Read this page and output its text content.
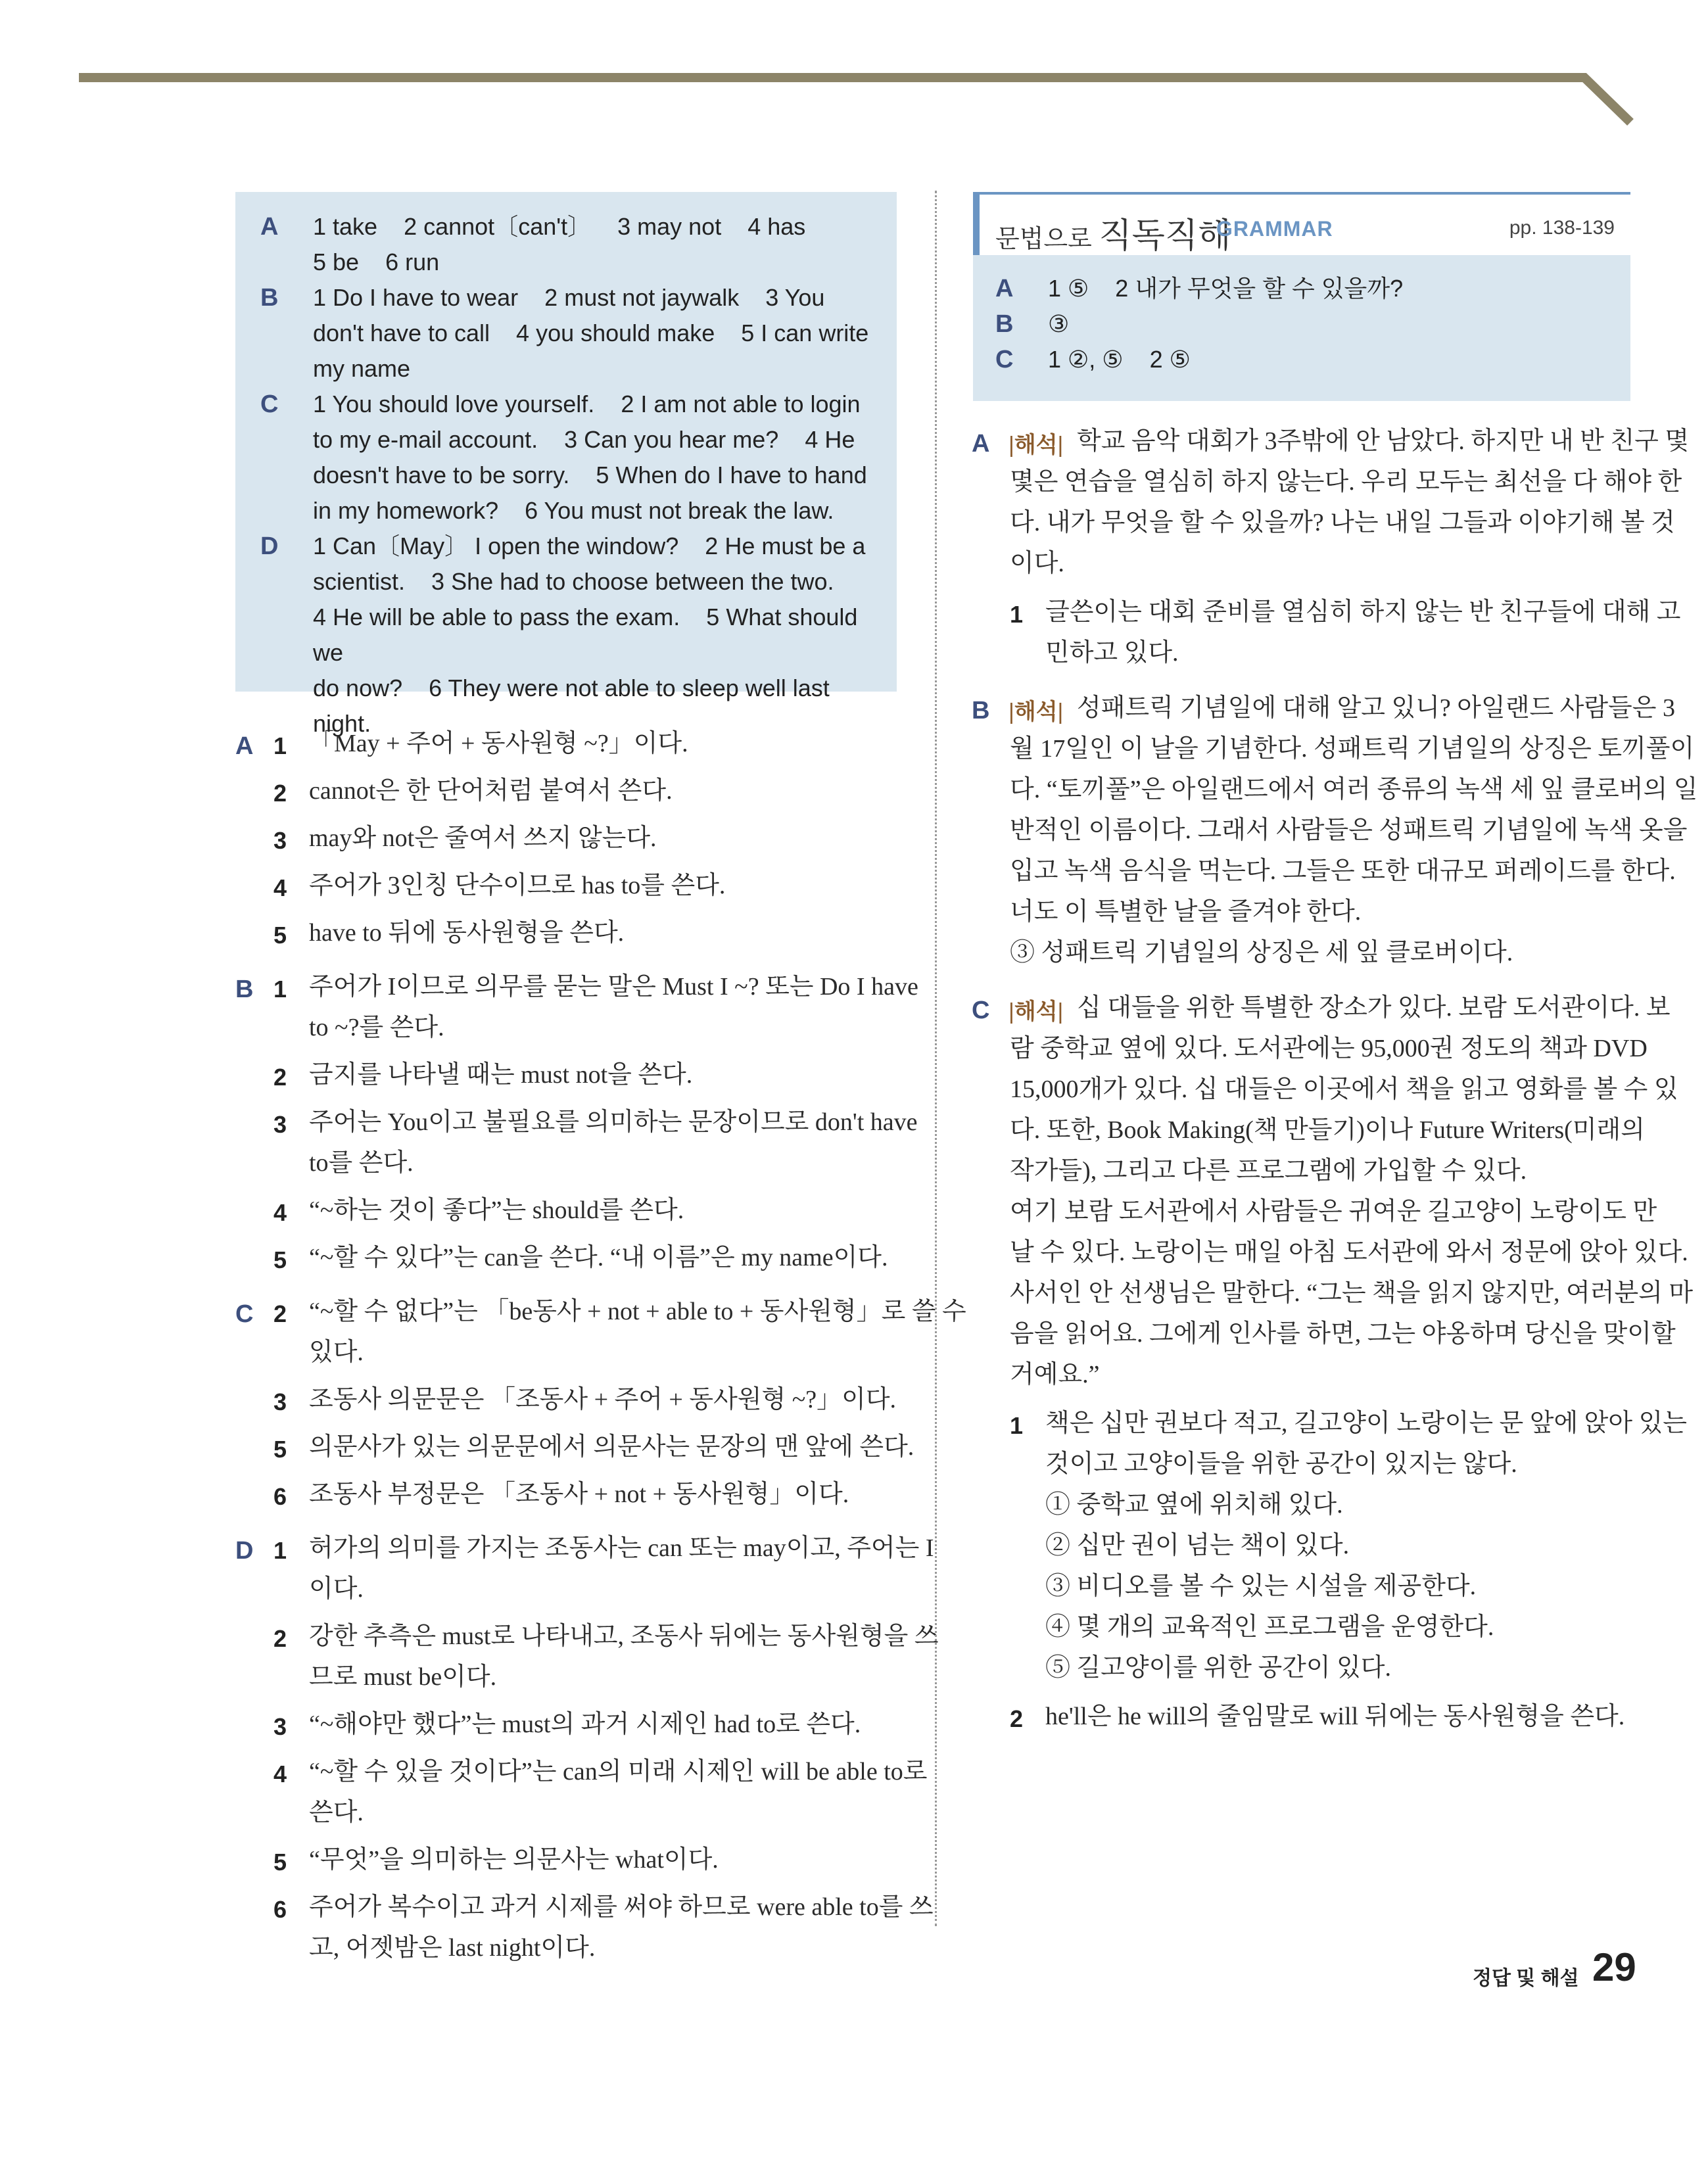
A 1 take    2 cannot〔can't〕    3 may not    4 has
5 be    6 run
B 1 Do I have to wear    2 must not jaywalk    3 You
don't have to call    4 you should make    5 I can write
my name
C 1 You should love yourself.    2 I am not able to login
to my e-mail account.    3 Can you hear me?    4 He
doesn't have to be sorry.    5 When do I have to hand
in my homework?    6 You must not break the law.
D 1 Can〔May〕 I open the window?    2 He must be a
scientist.    3 She had to choose between the two.
4 He will be able to pass the exam.    5 What should we
do now?    6 They were not able to sleep well last night.
A 1 「May + 주어 + 동사원형 ~?」이다.
2 cannot은 한 단어처럼 붙여서 쓴다.
3 may와 not은 줄여서 쓰지 않는다.
4 주어가 3인칭 단수이므로 has to를 쓴다.
5 have to 뒤에 동사원형을 쓴다.
B 1 주어가 I이므로 의무를 묻는 말은 Must I ~? 또는 Do I have
to ~?를 쓴다.
2 금지를 나타낼 때는 must not을 쓴다.
3 주어는 You이고 불필요를 의미하는 문장이므로 don't have
to를 쓴다.
4 “~하는 것이 좋다”는 should를 쓴다.
5 “~할 수 있다”는 can을 쓴다. “내 이름”은 my name이다.
C 2 “~할 수 없다”는 「be동사 + not + able to + 동사원형」로 쓸 수
있다.
3 조동사 의문문은 「조동사 + 주어 + 동사원형 ~?」이다.
5 의문사가 있는 의문문에서 의문사는 문장의 맨 앞에 쓴다.
6 조동사 부정문은 「조동사 + not + 동사원형」이다.
D 1 허가의 의미를 가지는 조동사는 can 또는 may이고, 주어는 I
이다.
2 강한 추측은 must로 나타내고, 조동사 뒤에는 동사원형을 쓰
므로 must be이다.
3 “~해야만 했다”는 must의 과거 시제인 had to로 쓴다.
4 “~할 수 있을 것이다”는 can의 미래 시제인 will be able to로
쓴다.
5 “무엇”을 의미하는 의문사는 what이다.
6 주어가 복수이고 과거 시제를 써야 하므로 were able to를 쓰
고, 어젯밤은 last night이다.
문법으로 직독직해
GRAMMAR	pp. 138-139
A 1 ⑤    2 내가 무엇을 할 수 있을까?
B ③
C 1 ②, ⑤    2 ⑤
A |해석| 학교 음악 대회가 3주밖에 안 남았다. 하지만 내 반 친구 몇
몇은 연습을 열심히 하지 않는다. 우리 모두는 최선을 다 해야 한
다. 내가 무엇을 할 수 있을까? 나는 내일 그들과 이야기해 볼 것
이다.
1 글쓴이는 대회 준비를 열심히 하지 않는 반 친구들에 대해 고
민하고 있다.
B |해석| 성패트릭 기념일에 대해 알고 있니? 아일랜드 사람들은 3
월 17일인 이 날을 기념한다. 성패트릭 기념일의 상징은 토끼풀이
다. “토끼풀”은 아일랜드에서 여러 종류의 녹색 세 잎 클로버의 일
반적인 이름이다. 그래서 사람들은 성패트릭 기념일에 녹색 옷을
입고 녹색 음식을 먹는다. 그들은 또한 대규모 퍼레이드를 한다.
너도 이 특별한 날을 즐겨야 한다.
③ 성패트릭 기념일의 상징은 세 잎 클로버이다.
C |해석| 십 대들을 위한 특별한 장소가 있다. 보람 도서관이다. 보
람 중학교 옆에 있다. 도서관에는 95,000권 정도의 책과 DVD
15,000개가 있다. 십 대들은 이곳에서 책을 읽고 영화를 볼 수 있
다. 또한, Book Making(책 만들기)이나 Future Writers(미래의
작가들), 그리고 다른 프로그램에 가입할 수 있다.
여기 보람 도서관에서 사람들은 귀여운 길고양이 노랑이도 만
날 수 있다. 노랑이는 매일 아침 도서관에 와서 정문에 앉아 있다.
사서인 안 선생님은 말한다. “그는 책을 읽지 않지만, 여러분의 마
음을 읽어요. 그에게 인사를 하면, 그는 야옹하며 당신을 맞이할
거예요.”
1 책은 십만 권보다 적고, 길고양이 노랑이는 문 앞에 앉아 있는
것이고 고양이들을 위한 공간이 있지는 않다.
① 중학교 옆에 위치해 있다.
② 십만 권이 넘는 책이 있다.
③ 비디오를 볼 수 있는 시설을 제공한다.
④ 몇 개의 교육적인 프로그램을 운영한다.
⑤ 길고양이를 위한 공간이 있다.
2 he'll은 he will의 줄임말로 will 뒤에는 동사원형을 쓴다.
정답 및 해설 29
